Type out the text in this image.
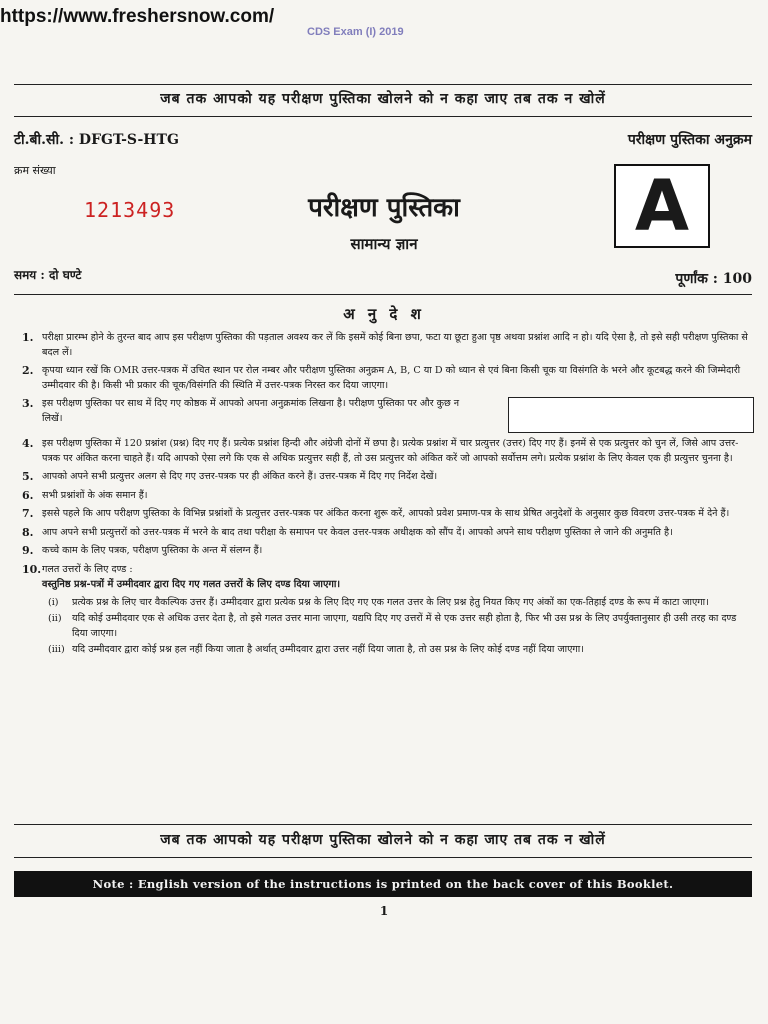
https://www.freshersnow.com/
CDS Exam (I) 2019
जब तक आपको यह परीक्षण पुस्तिका खोलने को न कहा जाए तब तक न खोलें
टी.बी.सी. : DFGT-S-HTG	परीक्षण पुस्तिका अनुक्रम
क्रम संख्या
1213493	परीक्षण पुस्तिका
सामान्य ज्ञान	A
समय : दो घण्टे	पूर्णांक : 100
अ नु दे श
1. परीक्षा प्रारम्भ होने के तुरन्त बाद आप इस परीक्षण पुस्तिका की पड़ताल अवश्य कर लें कि इसमें कोई बिना छपा, फटा या छूटा हुआ पृष्ठ अथवा प्रश्नांश आदि न हो। यदि ऐसा है, तो इसे सही परीक्षण पुस्तिका से बदल लें।
2. कृपया ध्यान रखें कि OMR उत्तर-पत्रक में उचित स्थान पर रोल नम्बर और परीक्षण पुस्तिका अनुक्रम A, B, C या D को ध्यान से एवं बिना किसी चूक या विसंगति के भरने और कूटबद्ध करने की जिम्मेदारी उम्मीदवार की है। किसी भी प्रकार की चूक/विसंगति की स्थिति में उत्तर-पत्रक निरस्त कर दिया जाएगा।
3. इस परीक्षण पुस्तिका पर साथ में दिए गए कोष्ठक में आपको अपना अनुक्रमांक लिखना है। परीक्षण पुस्तिका पर और कुछ न लिखें।
4. इस परीक्षण पुस्तिका में 120 प्रश्नांश (प्रश्न) दिए गए हैं। प्रत्येक प्रश्नांश हिन्दी और अंग्रेजी दोनों में छपा है। प्रत्येक प्रश्नांश में चार प्रत्युत्तर (उत्तर) दिए गए हैं। इनमें से एक प्रत्युत्तर को चुन लें, जिसे आप उत्तर-पत्रक पर अंकित करना चाहते हैं। यदि आपको ऐसा लगे कि एक से अधिक प्रत्युत्तर सही हैं, तो उस प्रत्युत्तर को अंकित करें जो आपको सर्वोत्तम लगे। प्रत्येक प्रश्नांश के लिए केवल एक ही प्रत्युत्तर चुनना है।
5. आपको अपने सभी प्रत्युत्तर अलग से दिए गए उत्तर-पत्रक पर ही अंकित करने हैं। उत्तर-पत्रक में दिए गए निर्देश देखें।
6. सभी प्रश्नांशों के अंक समान हैं।
7. इससे पहले कि आप परीक्षण पुस्तिका के विभिन्न प्रश्नांशों के प्रत्युत्तर उत्तर-पत्रक पर अंकित करना शुरू करें, आपको प्रवेश प्रमाण-पत्र के साथ प्रेषित अनुदेशों के अनुसार कुछ विवरण उत्तर-पत्रक में देने हैं।
8. आप अपने सभी प्रत्युत्तरों को उत्तर-पत्रक में भरने के बाद तथा परीक्षा के समापन पर केवल उत्तर-पत्रक अधीक्षक को सौंप दें। आपको अपने साथ परीक्षण पुस्तिका ले जाने की अनुमति है।
9. कच्चे काम के लिए पत्रक, परीक्षण पुस्तिका के अन्त में संलग्न हैं।
10. गलत उत्तरों के लिए दण्ड :
वस्तुनिष्ठ प्रश्न-पत्रों में उम्मीदवार द्वारा दिए गए गलत उत्तरों के लिए दण्ड दिया जाएगा।
(i)	प्रत्येक प्रश्न के लिए चार वैकल्पिक उत्तर हैं। उम्मीदवार द्वारा प्रत्येक प्रश्न के लिए दिए गए एक गलत उत्तर के लिए प्रश्न हेतु नियत किए गए अंकों का एक-तिहाई दण्ड के रूप में काटा जाएगा।
(ii)	यदि कोई उम्मीदवार एक से अधिक उत्तर देता है, तो इसे गलत उत्तर माना जाएगा, यद्यपि दिए गए उत्तरों में से एक उत्तर सही होता है, फिर भी उस प्रश्न के लिए उपर्युक्तानुसार ही उसी तरह का दण्ड दिया जाएगा।
(iii) यदि उम्मीदवार द्वारा कोई प्रश्न हल नहीं किया जाता है अर्थात् उम्मीदवार द्वारा उत्तर नहीं दिया जाता है, तो उस प्रश्न के लिए कोई दण्ड नहीं दिया जाएगा।
जब तक आपको यह परीक्षण पुस्तिका खोलने को न कहा जाए तब तक न खोलें
Note : English version of the instructions is printed on the back cover of this Booklet.
1
